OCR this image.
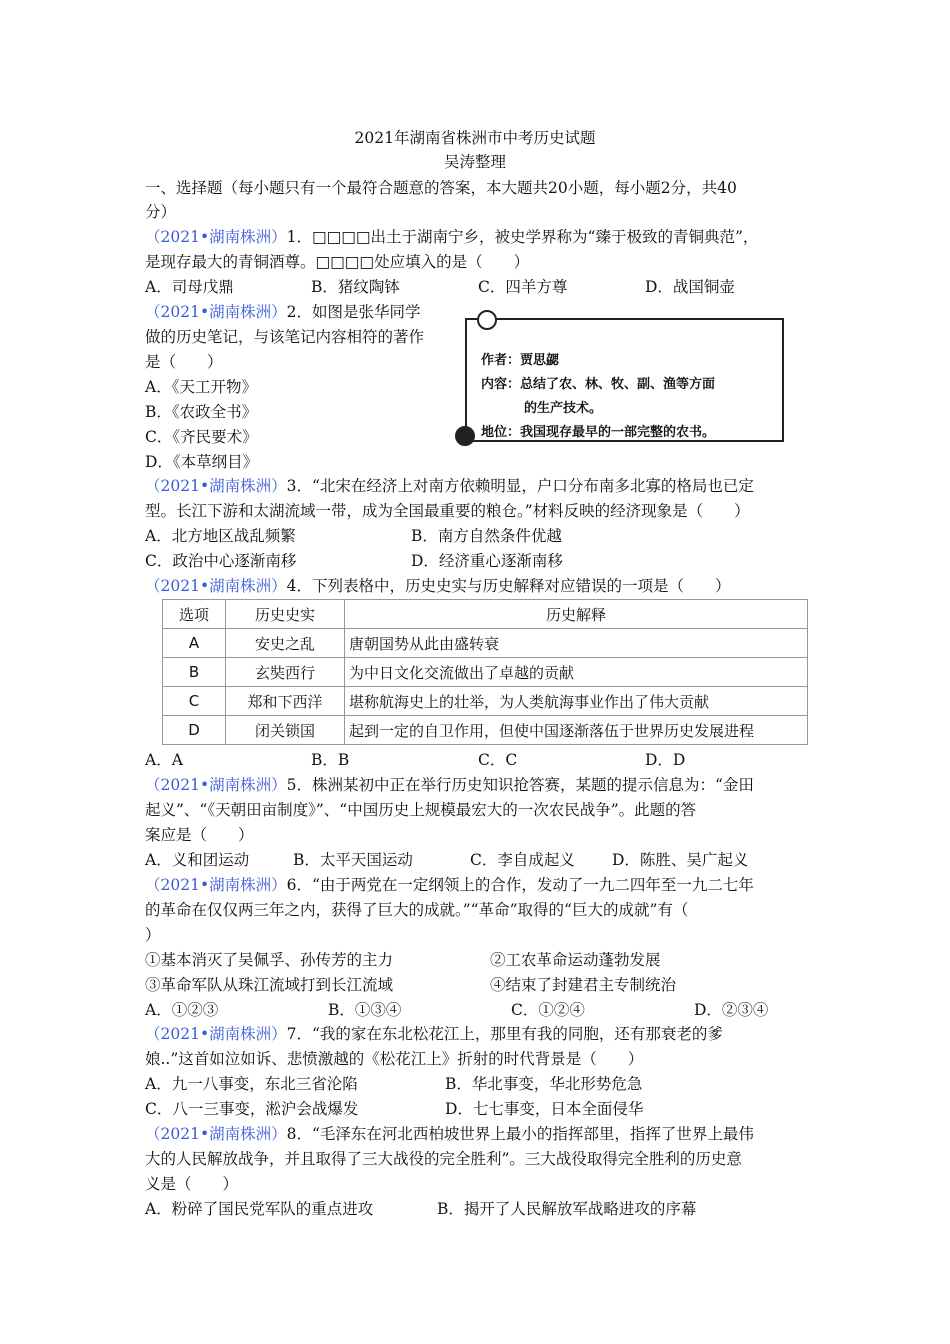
2021年湖南省株洲市中考历史试题
吴涛整理
一、选择题（每小题只有一个最符合题意的答案，本大题共20小题，每小题2分，共40
分）
（2021•湖南株洲）1．□□□□出土于湖南宁乡，被史学界称为“臻于极致的青铜典范”，
是现存最大的青铜酒尊。□□□□处应填入的是（　　）
A．司母戊鼎	B．猪纹陶钵	C．四羊方尊	D．战国铜壶
（2021•湖南株洲）2．如图是张华同学
做的历史笔记，与该笔记内容相符的著作
是（　　）
A．《天工开物》
B．《农政全书》
C．《齐民要术》
D．《本草纲目》
作者：贾思勰
内容：总结了农、林、牧、副、渔等方面
的生产技术。
地位：我国现存最早的一部完整的农书。
（2021•湖南株洲）3．“北宋在经济上对南方依赖明显，户口分布南多北寡的格局也已定
型。长江下游和太湖流域一带，成为全国最重要的粮仓。”材料反映的经济现象是（　　）
A．北方地区战乱频繁	B．南方自然条件优越
C．政治中心逐渐南移	D．经济重心逐渐南移
（2021•湖南株洲）4．下列表格中，历史史实与历史解释对应错误的一项是（　　）
选项	历史史实	历史解释
A	安史之乱	唐朝国势从此由盛转衰
B	玄奘西行	为中日文化交流做出了卓越的贡献
C	郑和下西洋	堪称航海史上的壮举，为人类航海事业作出了伟大贡献
D	闭关锁国	起到一定的自卫作用，但使中国逐渐落伍于世界历史发展进程
A．A	B．B	C．C	D．D
（2021•湖南株洲）5．株洲某初中正在举行历史知识抢答赛，某题的提示信息为：“金田
起义”、“《天朝田亩制度》”、“中国历史上规模最宏大的一次农民战争”。此题的答
案应是（　　）
A．义和团运动	B．太平天国运动	C．李自成起义 D．陈胜、吴广起义
（2021•湖南株洲）6．“由于两党在一定纲领上的合作，发动了一九二四年至一九二七年
的革命在仅仅两三年之内，获得了巨大的成就。”“革命”取得的“巨大的成就”有（
）
①基本消灭了吴佩孚、孙传芳的主力	②工农革命运动蓬勃发展
③革命军队从珠江流域打到长江流域	④结束了封建君主专制统治
A．①②③	B．①③④	C．①②④	D．②③④
（2021•湖南株洲）7．“我的家在东北松花江上，那里有我的同胞，还有那衰老的爹
娘..”这首如泣如诉、悲愤激越的《松花江上》折射的时代背景是（　　）
A．九一八事变，东北三省沦陷	B．华北事变，华北形势危急
C．八一三事变，淞沪会战爆发	D．七七事变，日本全面侵华
（2021•湖南株洲）8．“毛泽东在河北西柏坡世界上最小的指挥部里，指挥了世界上最伟
大的人民解放战争，并且取得了三大战役的完全胜利”。三大战役取得完全胜利的历史意
义是（　　）
A．粉碎了国民党军队的重点进攻	B．揭开了人民解放军战略进攻的序幕
